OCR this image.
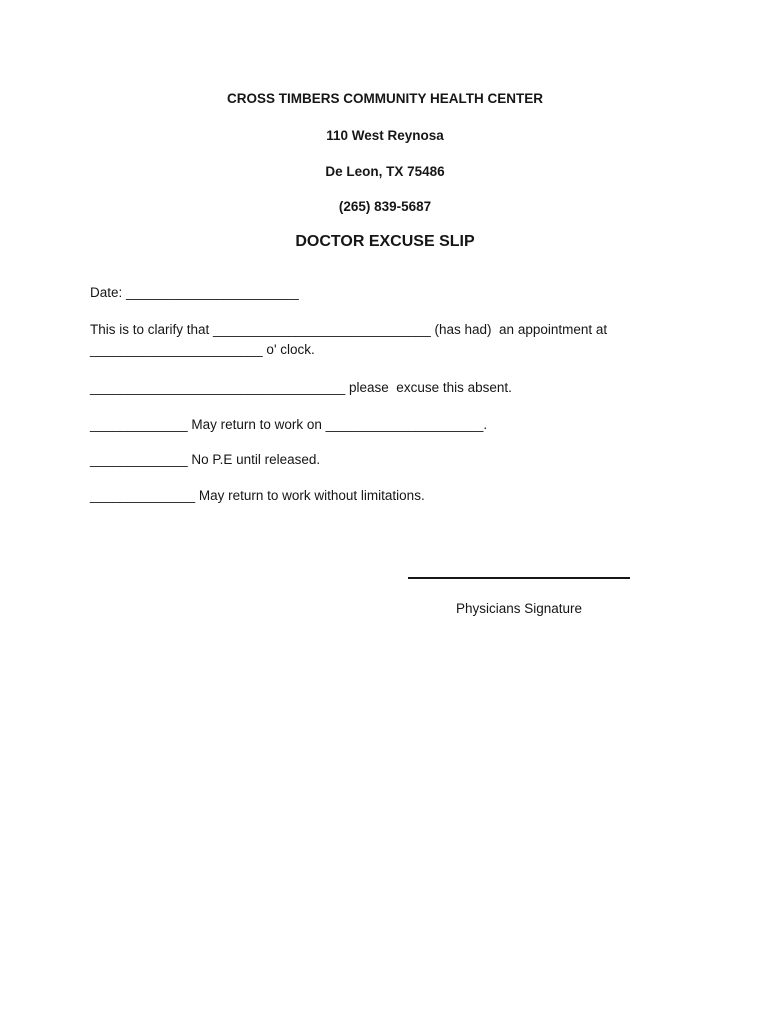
CROSS TIMBERS COMMUNITY HEALTH CENTER
110 West Reynosa
De Leon, TX 75486
(265) 839-5687
DOCTOR EXCUSE SLIP
Date: _______________________
This is to clarify that _____________________________ (has had)  an appointment at
_______________________ o' clock.
__________________________________ please  excuse this absent.
_____________ May return to work on _____________________.
_____________ No P.E until released.
______________ May return to work without limitations.
Physicians Signature
